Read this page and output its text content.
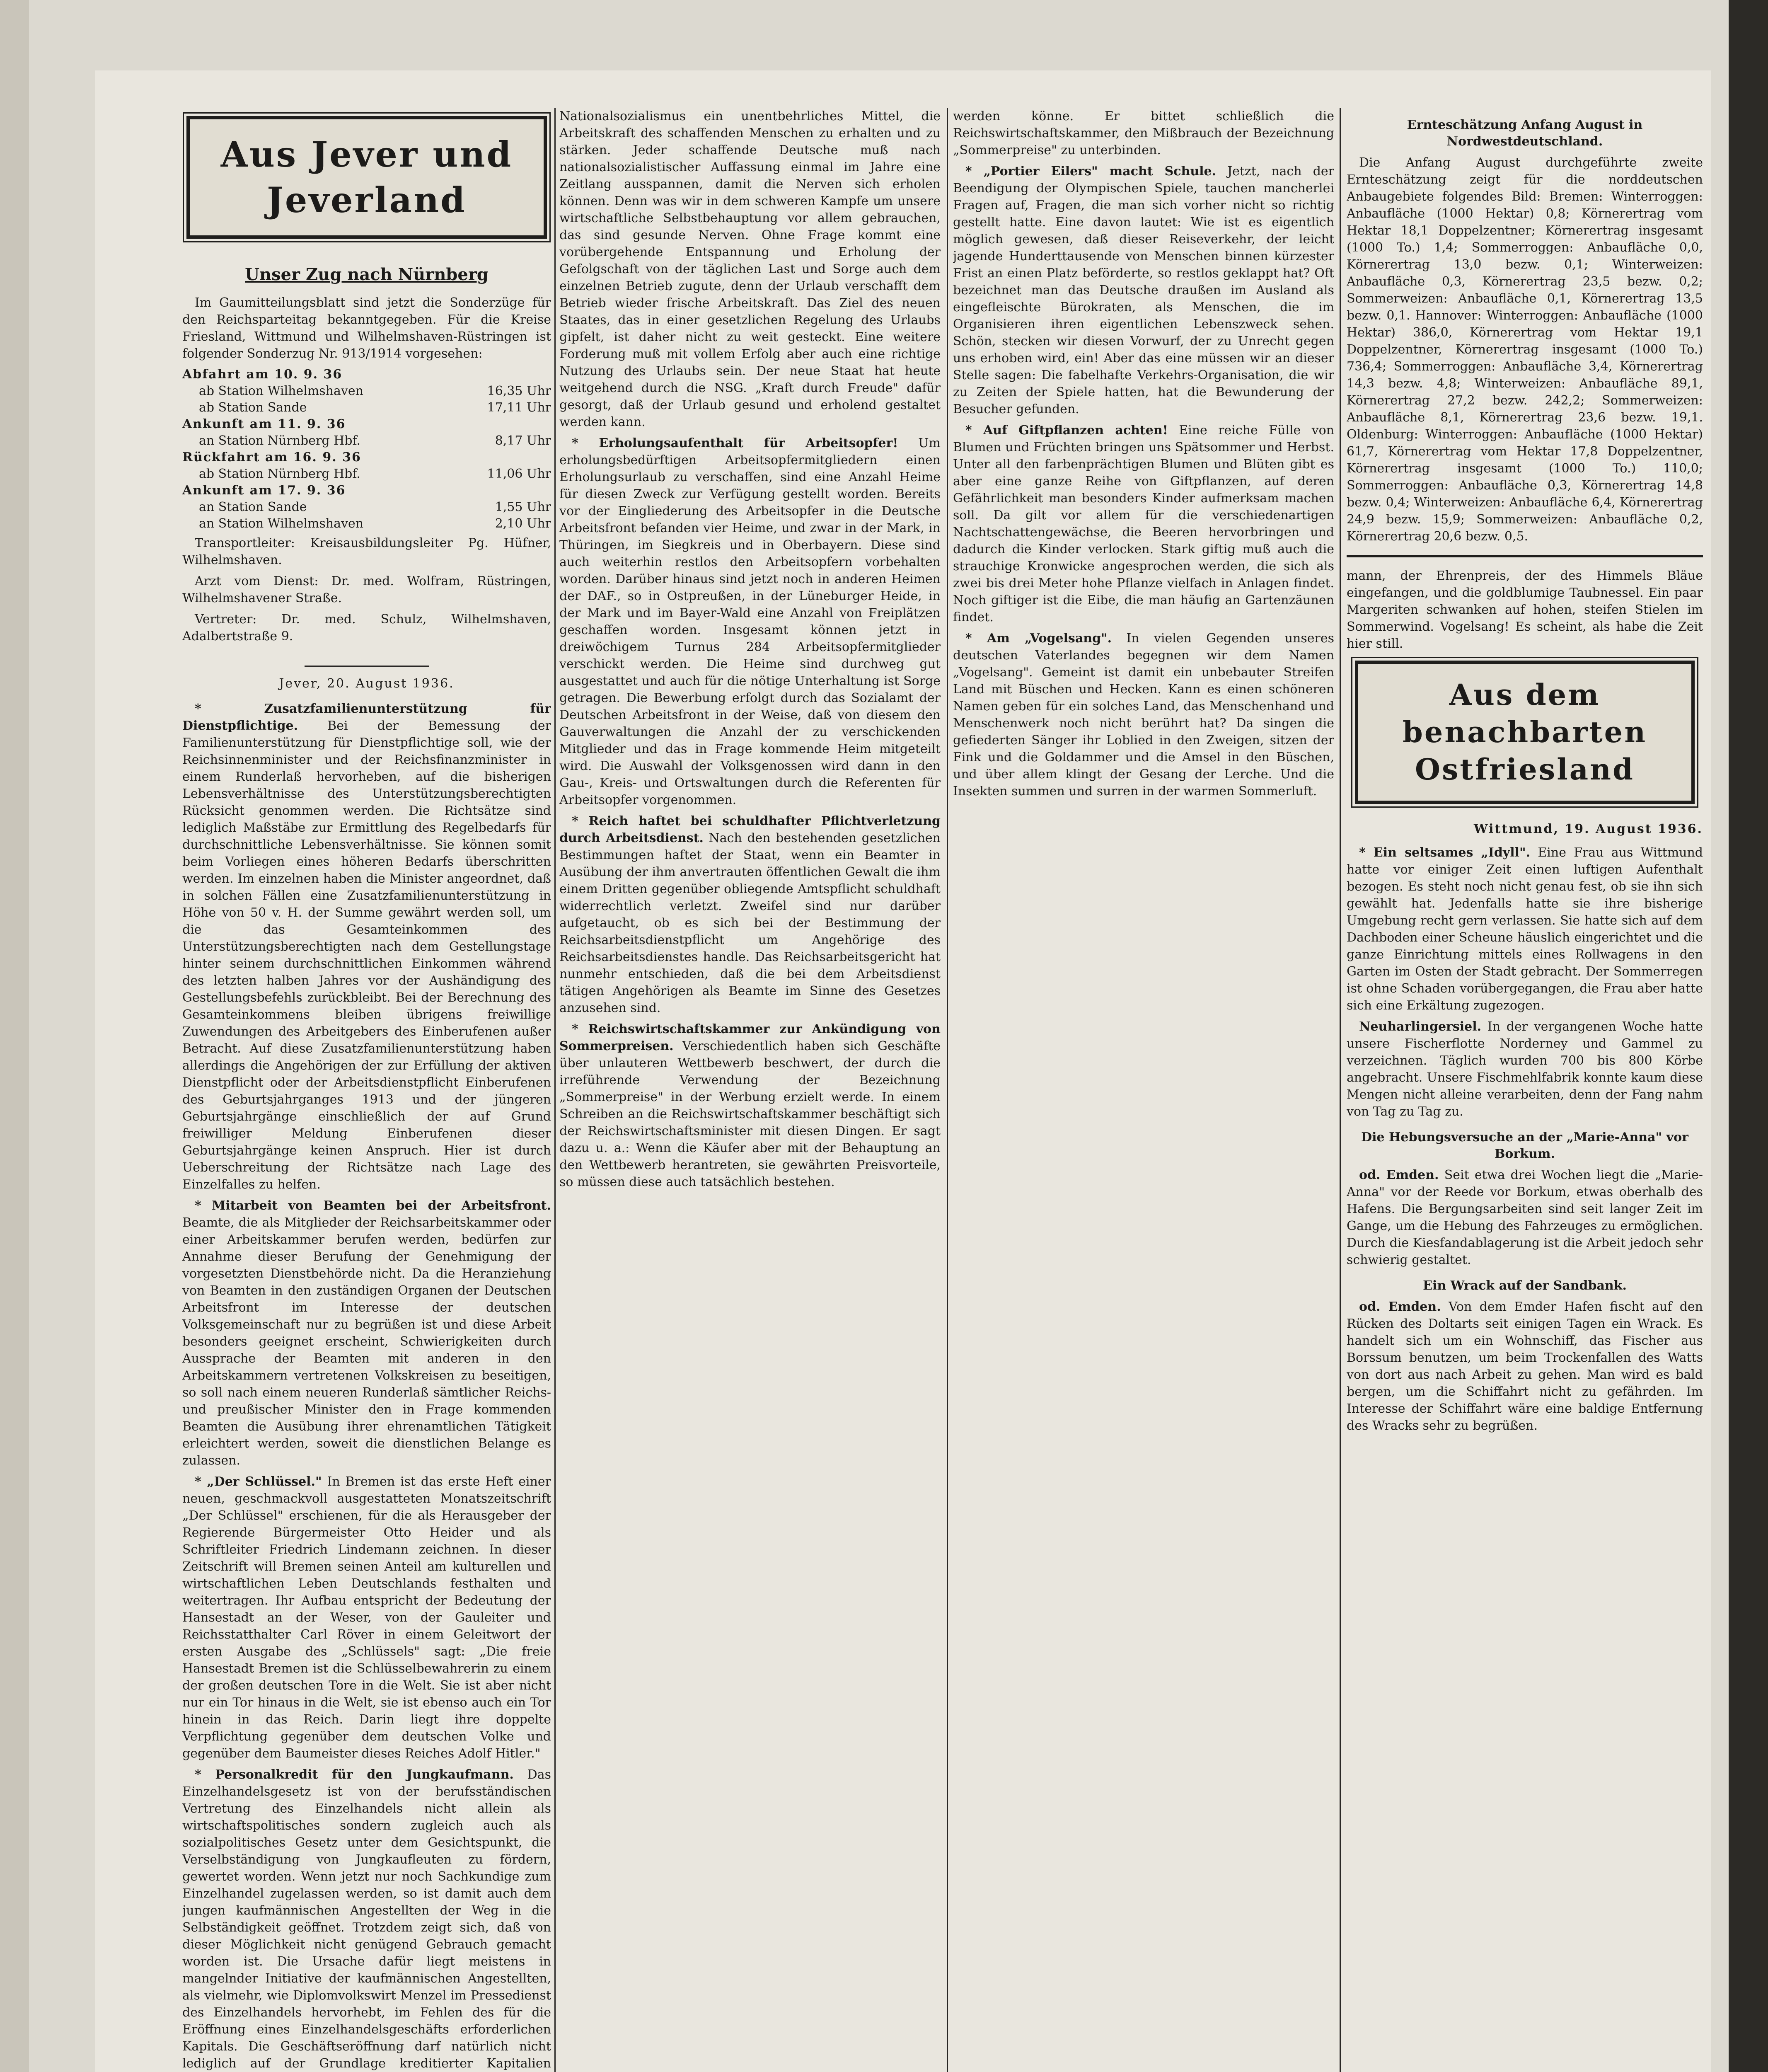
Aus Jever und Jeverland
Unser Zug nach Nürnberg

Im Gaumitteilungsblatt sind jetzt die Sonderzüge für den Reichsparteitag bekanntgegeben. Für die Kreise Friesland, Wittmund und Wilhelmshaven-Rüstringen ist folgender Sonderzug Nr. 913/1914 vorgesehen:

Abfahrt am 10. 9. 36
ab Station Wilhelmshaven	16,35 Uhr
ab Station Sande	17,11 Uhr
Ankunft am 11. 9. 36
an Station Nürnberg Hbf.	8,17 Uhr
Rückfahrt am 16. 9. 36
ab Station Nürnberg Hbf.	11,06 Uhr
Ankunft am 17. 9. 36
an Station Sande	1,55 Uhr
an Station Wilhelmshaven	2,10 Uhr

Transportleiter: Kreisausbildungsleiter Pg. Hüfner, Wilhelmshaven.

Arzt vom Dienst: Dr. med. Wolfram, Rüstringen, Wilhelmshavener Straße.

Vertreter: Dr. med. Schulz, Wilhelmshaven, Adalbertstraße 9.

Jever, 20. August 1936.

* Zusatzfamilienunterstützung für Dienstpflichtige. Bei der Bemessung der Familienunterstützung für Dienstpflichtige soll, wie der Reichsinnenminister und der Reichsfinanzminister in einem Runderlaß hervorheben, auf die bisherigen Lebensverhältnisse des Unterstützungsberechtigten Rücksicht genommen werden. Die Richtsätze sind lediglich Maßstäbe zur Ermittlung des Regelbedarfs für durchschnittliche Lebensverhältnisse. Sie können somit beim Vorliegen eines höheren Bedarfs überschritten werden. Im einzelnen haben die Minister angeordnet, daß in solchen Fällen eine Zusatzfamilienunterstützung in Höhe von 50 v. H. der Summe gewährt werden soll, um die das Gesamteinkommen des Unterstützungsberechtigten nach dem Gestellungstage hinter seinem durchschnittlichen Einkommen während des letzten halben Jahres vor der Aushändigung des Gestellungsbefehls zurückbleibt. Bei der Berechnung des Gesamteinkommens bleiben übrigens freiwillige Zuwendungen des Arbeitgebers des Einberufenen außer Betracht. Auf diese Zusatzfamilienunterstützung haben allerdings die Angehörigen der zur Erfüllung der aktiven Dienstpflicht oder der Arbeitsdienstpflicht Einberufenen des Geburtsjahrganges 1913 und der jüngeren Geburtsjahrgänge einschließlich der auf Grund freiwilliger Meldung Einberufenen dieser Geburtsjahrgänge keinen Anspruch. Hier ist durch Ueberschreitung der Richtsätze nach Lage des Einzelfalles zu helfen.

* Mitarbeit von Beamten bei der Arbeitsfront. Beamte, die als Mitglieder der Reichsarbeitskammer oder einer Arbeitskammer berufen werden, bedürfen zur Annahme dieser Berufung der Genehmigung der vorgesetzten Dienstbehörde nicht. Da die Heranziehung von Beamten in den zuständigen Organen der Deutschen Arbeitsfront im Interesse der deutschen Volksgemeinschaft nur zu begrüßen ist und diese Arbeit besonders geeignet erscheint, Schwierigkeiten durch Aussprache der Beamten mit anderen in den Arbeitskammern vertretenen Volkskreisen zu beseitigen, so soll nach einem neueren Runderlaß sämtlicher Reichs- und preußischer Minister den in Frage kommenden Beamten die Ausübung ihrer ehrenamtlichen Tätigkeit erleichtert werden, soweit die dienstlichen Belange es zulassen.

* „Der Schlüssel." In Bremen ist das erste Heft einer neuen, geschmackvoll ausgestatteten Monatszeitschrift „Der Schlüssel" erschienen, für die als Herausgeber der Regierende Bürgermeister Otto Heider und als Schriftleiter Friedrich Lindemann zeichnen. In dieser Zeitschrift will Bremen seinen Anteil am kulturellen und wirtschaftlichen Leben Deutschlands festhalten und weitertragen. Ihr Aufbau entspricht der Bedeutung der Hansestadt an der Weser, von der Gauleiter und Reichsstatthalter Carl Röver in einem Geleitwort der ersten Ausgabe des „Schlüssels" sagt: „Die freie Hansestadt Bremen ist die Schlüsselbewahrerin zu einem der großen deutschen Tore in die Welt. Sie ist aber nicht nur ein Tor hinaus in die Welt, sie ist ebenso auch ein Tor hinein in das Reich. Darin liegt ihre doppelte Verpflichtung gegenüber dem deutschen Volke und gegenüber dem Baumeister dieses Reiches Adolf Hitler."

* Personalkredit für den Jungkaufmann. Das Einzelhandelsgesetz ist von der berufsständischen Vertretung des Einzelhandels nicht allein als wirtschaftspolitisches sondern zugleich auch als sozialpolitisches Gesetz unter dem Gesichtspunkt, die Verselbständigung von Jungkaufleuten zu fördern, gewertet worden. Wenn jetzt nur noch Sachkundige zum Einzelhandel zugelassen werden, so ist damit auch dem jungen kaufmännischen Angestellten der Weg in die Selbständigkeit geöffnet. Trotzdem zeigt sich, daß von dieser Möglichkeit nicht genügend Gebrauch gemacht worden ist. Die Ursache dafür liegt meistens in mangelnder Initiative der kaufmännischen Angestellten, als vielmehr, wie Diplomvolkswirt Menzel im Pressedienst des Einzelhandels hervorhebt, im Fehlen des für die Eröffnung eines Einzelhandelsgeschäfts erforderlichen Kapitals. Die Geschäftseröffnung darf natürlich nicht lediglich auf der Grundlage kreditierter Kapitalien

Nationalsozialismus ein unentbehrliches Mittel, die Arbeitskraft des schaffenden Menschen zu erhalten und zu stärken. Jeder schaffende Deutsche muß nach nationalsozialistischer Auffassung einmal im Jahre eine Zeitlang ausspannen, damit die Nerven sich erholen können. Denn was wir in dem schweren Kampfe um unsere wirtschaftliche Selbstbehauptung vor allem gebrauchen, das sind gesunde Nerven. Ohne Frage kommt eine vorübergehende Entspannung und Erholung der Gefolgschaft von der täglichen Last und Sorge auch dem einzelnen Betrieb zugute, denn der Urlaub verschafft dem Betrieb wieder frische Arbeitskraft. Das Ziel des neuen Staates, das in einer gesetzlichen Regelung des Urlaubs gipfelt, ist daher nicht zu weit gesteckt. Eine weitere Forderung muß mit vollem Erfolg aber auch eine richtige Nutzung des Urlaubs sein. Der neue Staat hat heute weitgehend durch die NSG. „Kraft durch Freude" dafür gesorgt, daß der Urlaub gesund und erholend gestaltet werden kann.

* Erholungsaufenthalt für Arbeitsopfer! Um erholungsbedürftigen Arbeitsopfermitgliedern einen Erholungsurlaub zu verschaffen, sind eine Anzahl Heime für diesen Zweck zur Verfügung gestellt worden. Bereits vor der Eingliederung des Arbeitsopfer in die Deutsche Arbeitsfront befanden vier Heime, und zwar in der Mark, in Thüringen, im Siegkreis und in Oberbayern. Diese sind auch weiterhin restlos den Arbeitsopfern vorbehalten worden. Darüber hinaus sind jetzt noch in anderen Heimen der DAF., so in Ostpreußen, in der Lüneburger Heide, in der Mark und im Bayer-Wald eine Anzahl von Freiplätzen geschaffen worden. Insgesamt können jetzt in dreiwöchigem Turnus 284 Arbeitsopfermitglieder verschickt werden. Die Heime sind durchweg gut ausgestattet und auch für die nötige Unterhaltung ist Sorge getragen. Die Bewerbung erfolgt durch das Sozialamt der Deutschen Arbeitsfront in der Weise, daß von diesem den Gauverwaltungen die Anzahl der zu verschickenden Mitglieder und das in Frage kommende Heim mitgeteilt wird. Die Auswahl der Volksgenossen wird dann in den Gau-, Kreis- und Ortswaltungen durch die Referenten für Arbeitsopfer vorgenommen.

* Reich haftet bei schuldhafter Pflichtverletzung durch Arbeitsdienst. Nach den bestehenden gesetzlichen Bestimmungen haftet der Staat, wenn ein Beamter in Ausübung der ihm anvertrauten öffentlichen Gewalt die ihm einem Dritten gegenüber obliegende Amtspflicht schuldhaft widerrechtlich verletzt. Zweifel sind nur darüber aufgetaucht, ob es sich bei der Bestimmung der Reichsarbeitsdienstpflicht um Angehörige des Reichsarbeitsdienstes handle. Das Reichsarbeitsgericht hat nunmehr entschieden, daß die bei dem Arbeitsdienst tätigen Angehörigen als Beamte im Sinne des Gesetzes anzusehen sind.

* Reichswirtschaftskammer zur Ankündigung von Sommerpreisen. Verschiedentlich haben sich Geschäfte über unlauteren Wettbewerb beschwert, der durch die irreführende Verwendung der Bezeichnung „Sommerpreise" in der Werbung erzielt werde. In einem Schreiben an die Reichswirtschaftskammer beschäftigt sich der Reichswirtschaftsminister mit diesen Dingen. Er sagt dazu u. a.: Wenn die Käufer aber mit der Behauptung an den Wettbewerb herantreten, sie gewährten Preisvorteile, so müssen diese auch tatsächlich bestehen.

werden könne. Er bittet schließlich die Reichswirtschaftskammer, den Mißbrauch der Bezeichnung „Sommerpreise" zu unterbinden.

* „Portier Eilers" macht Schule. Jetzt, nach der Beendigung der Olympischen Spiele, tauchen mancherlei Fragen auf, Fragen, die man sich vorher nicht so richtig gestellt hatte. Eine davon lautet: Wie ist es eigentlich möglich gewesen, daß dieser Reiseverkehr, der leicht jagende Hunderttausende von Menschen binnen kürzester Frist an einen Platz beförderte, so restlos geklappt hat? Oft bezeichnet man das Deutsche draußen im Ausland als eingefleischte Bürokraten, als Menschen, die im Organisieren ihren eigentlichen Lebenszweck sehen. Schön, stecken wir diesen Vorwurf, der zu Unrecht gegen uns erhoben wird, ein! Aber das eine müssen wir an dieser Stelle sagen: Die fabelhafte Verkehrs-Organisation, die wir zu Zeiten der Spiele hatten, hat die Bewunderung der Besucher gefunden.

* Auf Giftpflanzen achten! Eine reiche Fülle von Blumen und Früchten bringen uns Spätsommer und Herbst. Unter all den farbenprächtigen Blumen und Blüten gibt es aber eine ganze Reihe von Giftpflanzen, auf deren Gefährlichkeit man besonders Kinder aufmerksam machen soll. Da gilt vor allem für die verschiedenartigen Nachtschattengewächse, die Beeren hervorbringen und dadurch die Kinder verlocken. Stark giftig muß auch die strauchige Kronwicke angesprochen werden, die sich als zwei bis drei Meter hohe Pflanze vielfach in Anlagen findet. Noch giftiger ist die Eibe, die man häufig an Gartenzäunen findet.

* Am „Vogelsang". In vielen Gegenden unseres deutschen Vaterlandes begegnen wir dem Namen „Vogelsang". Gemeint ist damit ein unbebauter Streifen Land mit Büschen und Hecken. Kann es einen schöneren Namen geben für ein solches Land, das Menschenhand und Menschenwerk noch nicht berührt hat? Da singen die gefiederten Sänger ihr Loblied in den Zweigen, sitzen der Fink und die Goldammer und die Amsel in den Büschen, und über allem klingt der Gesang der Lerche. Und die Insekten summen und surren in der warmen Sommerluft.

Ernteschätzung Anfang August in Nordwestdeutschland.

Die Anfang August durchgeführte zweite Ernteschätzung zeigt für die norddeutschen Anbaugebiete folgendes Bild: Bremen: Winterroggen: Anbaufläche (1000 Hektar) 0,8; Körnerertrag vom Hektar 18,1 Doppelzentner; Körnerertrag insgesamt (1000 To.) 1,4; Sommerroggen: Anbaufläche 0,0, Körnerertrag 13,0 bezw. 0,1; Winterweizen: Anbaufläche 0,3, Körnerertrag 23,5 bezw. 0,2; Sommerweizen: Anbaufläche 0,1, Körnerertrag 13,5 bezw. 0,1. Hannover: Winterroggen: Anbaufläche (1000 Hektar) 386,0, Körnerertrag vom Hektar 19,1 Doppelzentner, Körnerertrag insgesamt (1000 To.) 736,4; Sommerroggen: Anbaufläche 3,4, Körnerertrag 14,3 bezw. 4,8; Winterweizen: Anbaufläche 89,1, Körnerertrag 27,2 bezw. 242,2; Sommerweizen: Anbaufläche 8,1, Körnerertrag 23,6 bezw. 19,1. Oldenburg: Winterroggen: Anbaufläche (1000 Hektar) 61,7, Körnerertrag vom Hektar 17,8 Doppelzentner, Körnerertrag insgesamt (1000 To.) 110,0; Sommerroggen: Anbaufläche 0,3, Körnerertrag 14,8 bezw. 0,4; Winterweizen: Anbaufläche 6,4, Körnerertrag 24,9 bezw. 15,9; Sommerweizen: Anbaufläche 0,2, Körnerertrag 20,6 bezw. 0,5.

mann, der Ehrenpreis, der des Himmels Bläue eingefangen, und die goldblumige Taubnessel. Ein paar Margeriten schwanken auf hohen, steifen Stielen im Sommerwind. Vogelsang! Es scheint, als habe die Zeit hier still.

Aus dem benachbarten Ostfriesland
Wittmund, 19. August 1936.

* Ein seltsames „Idyll". Eine Frau aus Wittmund hatte vor einiger Zeit einen luftigen Aufenthalt bezogen. Es steht noch nicht genau fest, ob sie ihn sich gewählt hat. Jedenfalls hatte sie ihre bisherige Umgebung recht gern verlassen. Sie hatte sich auf dem Dachboden einer Scheune häuslich eingerichtet und die ganze Einrichtung mittels eines Rollwagens in den Garten im Osten der Stadt gebracht. Der Sommerregen ist ohne Schaden vorübergegangen, die Frau aber hatte sich eine Erkältung zugezogen.

Neuharlingersiel. In der vergangenen Woche hatte unsere Fischerflotte Norderney und Gammel zu verzeichnen. Täglich wurden 700 bis 800 Körbe angebracht. Unsere Fischmehlfabrik konnte kaum diese Mengen nicht alleine verarbeiten, denn der Fang nahm von Tag zu Tag zu.

Die Hebungsversuche an der „Marie-Anna" vor Borkum.

od. Emden. Seit etwa drei Wochen liegt die „Marie-Anna" vor der Reede vor Borkum, etwas oberhalb des Hafens. Die Bergungsarbeiten sind seit langer Zeit im Gange, um die Hebung des Fahrzeuges zu ermöglichen. Durch die Kiesfandablagerung ist die Arbeit jedoch sehr schwierig gestaltet.

Ein Wrack auf der Sandbank.

od. Emden. Von dem Emder Hafen fischt auf den Rücken des Doltarts seit einigen Tagen ein Wrack. Es handelt sich um ein Wohnschiff, das Fischer aus Borssum benutzen, um beim Trockenfallen des Watts von dort aus nach Arbeit zu gehen. Man wird es bald bergen, um die Schiffahrt nicht zu gefährden. Im Interesse der Schiffahrt wäre eine baldige Entfernung des Wracks sehr zu begrüßen.
